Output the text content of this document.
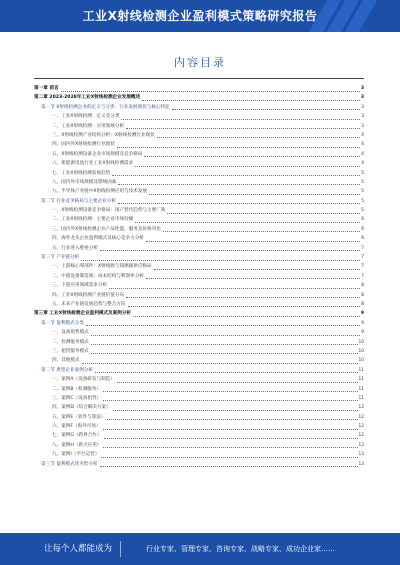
工业X射线检测企业盈利模式策略研究报告
内容目录
第一章 前言	3
第二章 2023-2028年工业X射线检测企业发展概述	3
第一节 X射线检测企业的定义与分类：行业发展现状与核心特征	3
一、工业X射线检测：定义及分类	3
二、工业X射线检测：应用领域分析	3
三、X射线检测产业结构分析：X射线检测行业现状	4
四、国内外X射线检测行业现状	4
五、X射线检测设备企业市场规模及竞争格局	4
六、新能源电池行业工业X射线检测需求	4
七、工业X射线检测发展趋势	5
八、国内外市场规模及影响因素	5
九、半导体产业链中X射线检测应用与技术发展	5
第二节 行业竞争格局与主要企业分析	5
一、X射线检测设备竞争格局：国产替代趋势与主要厂商	5
二、工业X射线检测：主要企业市场份额	6
三、国内外X射线检测企业产品性能、服务及价格对比	6
四、海外龙头企业盈利模式及核心竞争力分析	6
五、行业进入壁垒分析	7
第三节 产业链分析	7
一、上游核心零部件：X射线源与探测器供应格局	7
二、中游设备制造商：成本结构与利润率分析	7
三、下游应用领域需求分析	8
四、工业X射线检测产业链价值分布	8
五、未来产业链发展趋势与整合方向	8
第三章 工业X射线检测企业盈利模式及案例分析	9
第一节 盈利模式分类	9
一、设备销售模式	9
二、检测服务模式	10
三、租赁服务模式	10
四、其他模式	10
第二节 典型企业案例分析	11
一、案例A（设备研发与制造）	11
二、案例B（检测服务）	11
三、案例C（设备租赁）	11
四、案例D（综合解决方案）	12
五、案例E（软件与算法）	12
六、案例F（海外市场）	12
七、案例G（跨界合作）	12
八、案例H（新兴应用）	13
九、案例I（平台运营）	13
第三节 盈利模式优劣势分析	13
让每个人都能成为	行业专家、管理专家、咨询专家、战略专家、成功企业家……
